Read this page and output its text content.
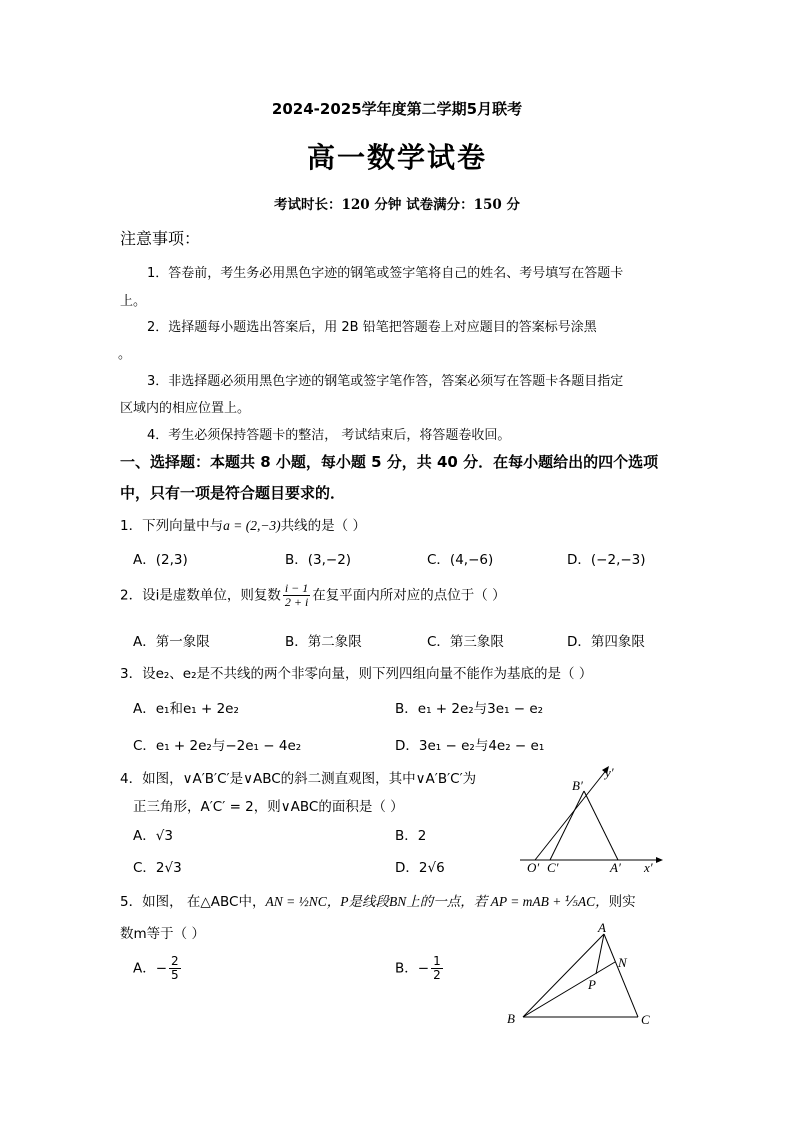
2024-2025学年度第二学期5月联考
高一数学试卷
考试时长：120 分钟 试卷满分：150 分
注意事项：
1．答卷前，考生务必用黑色字迹的钢笔或签字笔将自己的姓名、考号填写在答题卡
上。
2．选择题每小题选出答案后，用 2B 铅笔把答题卷上对应题目的答案标号涂黑
。
3．非选择题必须用黑色字迹的钢笔或签字笔作答，答案必须写在答题卡各题目指定
区域内的相应位置上。
4．考生必须保持答题卡的整洁， 考试结束后，将答题卷收回。
一、选择题：本题共 8 小题，每小题 5 分，共 40 分．在每小题给出的四个选项
中，只有一项是符合题目要求的．
1．下列向量中与a = (2,−3)共线的是（ ）
A．(2,3)	B．(3,−2)	C．(4,−6)	D．(−2,−3)
2．设i是虚数单位，则复数 $\frac{i - 1}{2 + i}$ 在复平面内所对应的点位于（ ）
A．第一象限	B．第二象限	C．第三象限	D．第四象限
3．设e₂、e₂是不共线的两个非零向量，则下列四组向量不能作为基底的是（ ）
A．e₁和e₁ + 2e₂	B．e₁ + 2e₂与3e₁ − e₂
C．e₁ + 2e₂与−2e₁ − 4e₂	D．3e₁ − e₂与4e₂ − e₁
4．如图，∨A′B′C′是∨ABC的斜二测直观图，其中∨A′B′C′为
正三角形，A′C′ = 2，则∨ABC的面积是（ ）
A．√3	B．2
C．2√3	D．2√6
B′
y′
O′ C′	A′ x′
5．如图， 在△ABC中，AN = ½NC，P是线段BN上的一点，若 AP = mAB + ⅕AC，则实
数m等于（ ）
A．− $\frac{2}{5}$	B．− $\frac{1}{2}$
A
N
P
B	C
